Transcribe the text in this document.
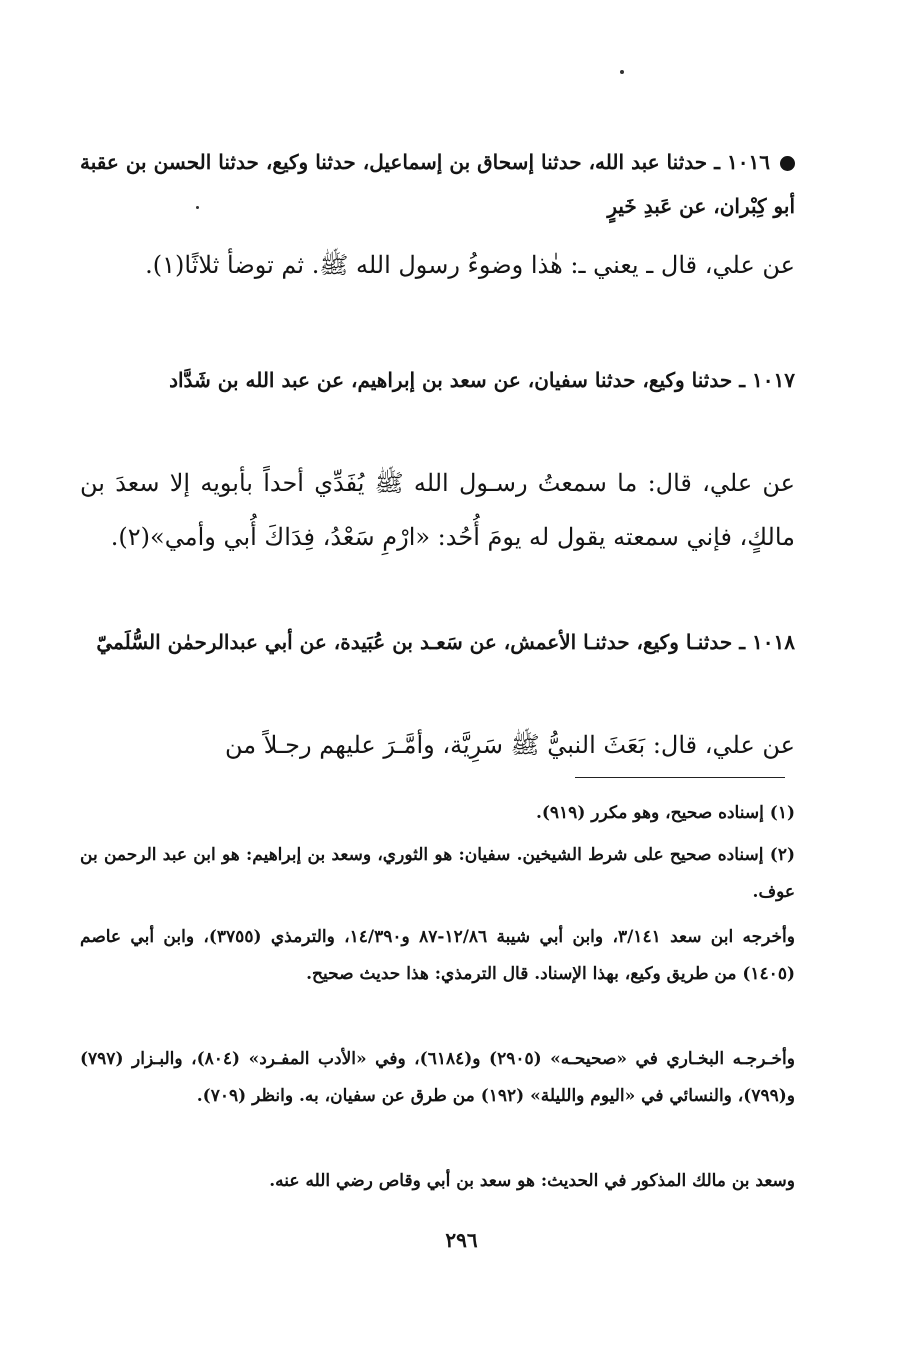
١٠١٦ ـ حدثنا عبد الله، حدثنا إسحاق بن إسماعيل، حدثنا وكيع، حدثنا الحسن بن عقبة أبو كِبْران، عن عَبدِ خَيرٍ
عن علي، قال ـ يعني ـ: هٰذا وضوءُ رسول الله ﷺ. ثم توضأ ثلاثًا(١).
١٠١٧ ـ حدثنا وكيع، حدثنا سفيان، عن سعد بن إبراهيم، عن عبد الله بن شَدَّاد
عن علي، قال: ما سمعتُ رسـول الله ﷺ يُفَدِّي أحداً بأبويه إلا سعدَ بن مالكٍ، فإني سمعته يقول له يومَ أُحُد: «ارْمِ سَعْدُ، فِدَاكَ أُبي وأمي»(٢).
١٠١٨ ـ حدثنـا وكيع، حدثنـا الأعمش، عن سَعـد بن عُبَيدة، عن أبي عبدالرحمٰن السُّلَميّ
عن علي، قال: بَعَثَ النبيُّ ﷺ سَرِيَّة، وأمَّـرَ عليهم رجـلاً من
(١) إسناده صحيح، وهو مكرر (٩١٩).
(٢) إسناده صحيح على شرط الشيخين. سفيان: هو الثوري، وسعد بن إبراهيم: هو ابن عبد الرحمن بن عوف.
وأخرجه ابن سعد ٣/١٤١، وابن أبي شيبة ١٢/٨٦-٨٧ و١٤/٣٩٠، والترمذي (٣٧٥٥)، وابن أبي عاصم (١٤٠٥) من طريق وكيع، بهذا الإسناد. قال الترمذي: هذا حديث صحيح.
وأخـرجـه البخـاري في «صحيحـه» (٢٩٠٥) و(٦١٨٤)، وفي «الأدب المفـرد» (٨٠٤)، والبـزار (٧٩٧) و(٧٩٩)، والنسائي في «اليوم والليلة» (١٩٢) من طرق عن سفيان، به. وانظر (٧٠٩).
وسعد بن مالك المذكور في الحديث: هو سعد بن أبي وقاص رضي الله عنه.
٢٩٦
